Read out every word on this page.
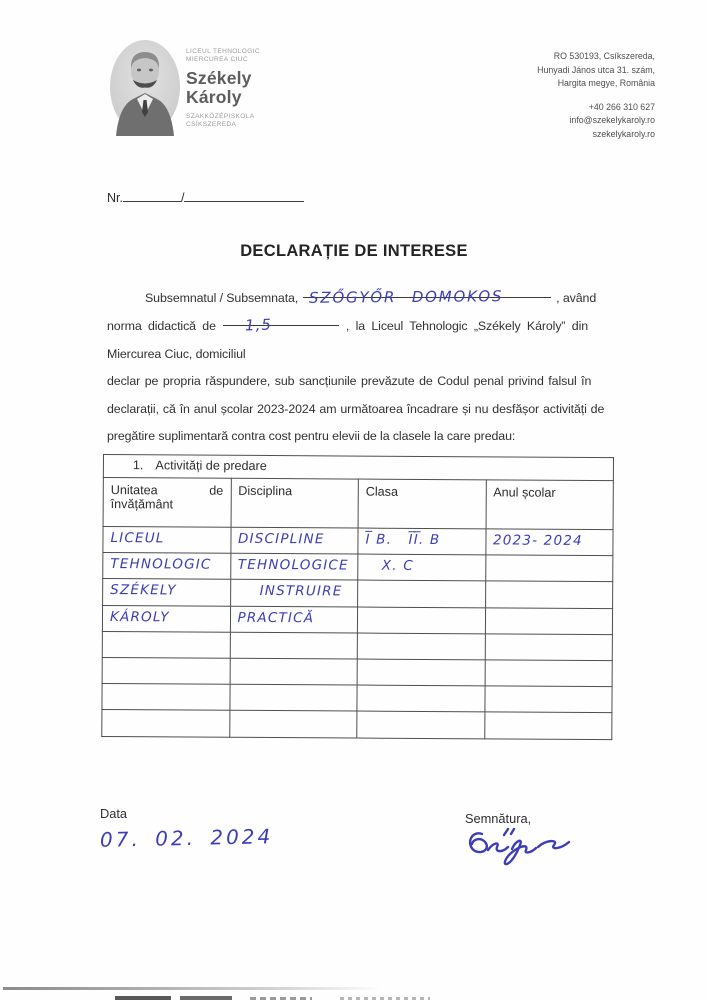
LICEUL TEHNOLOGIC
MIERCUREA CIUC
Székely
Károly
SZAKKÖZÉPISKOLA
CSÍKSZEREDA
RO 530193, Csíkszereda,
Hunyadi János utca 31. szám,
Hargita megye, România
+40 266 310 627
info@szekelykaroly.ro
szekelykaroly.ro
Nr.	/
DECLARAȚIE DE INTERESE
Subsemnatul / Subsemnata, SZŐGYŐR DOMOKOS	, având
norma didactică de 1,5	, la Liceul Tehnologic „Székely Károly” din
Miercurea Ciuc, domiciliul
declar pe propria răspundere, sub sancțiunile prevăzute de Codul penal privind falsul în
declarații, că în anul școlar 2023-2024 am următoarea încadrare și nu desfășor activități de
pregătire suplimentară contra cost pentru elevii de la clasele la care predau:
1. Activități de predare			

Unitatea de
învățământ	Disciplina	Clasa	Anul școlar
LICEUL	DISCIPLINE	I̅ B.   I̅I̅. B	2023- 2024
TEHNOLOGIC	TEHNOLOGICE	X. C	
SZÉKELY	INSTRUIRE		
KÁROLY	PRACTICĂ		

Data
07. 02. 2024
Semnătura,
